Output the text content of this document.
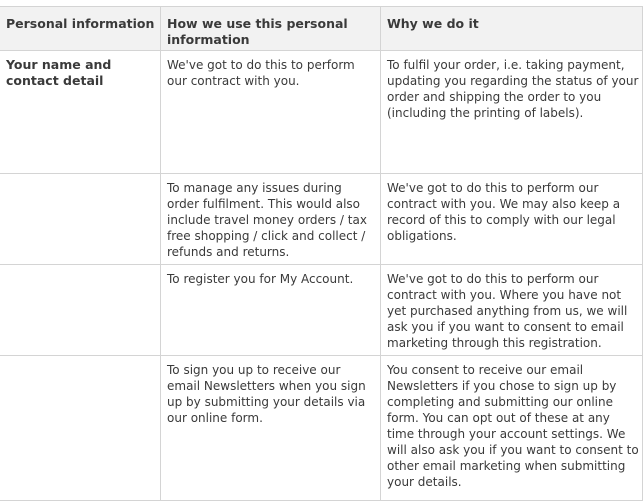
Personal information	How we use this personal information	Why we do it
Your name and contact detail	We've got to do this to perform our contract with you.	To fulfil your order, i.e. taking payment, updating you regarding the status of your order and shipping the order to you (including the printing of labels).
	To manage any issues during order fulfilment. This would also include travel money orders / tax free shopping / click and collect / refunds and returns.	We've got to do this to perform our contract with you. We may also keep a record of this to comply with our legal obligations.
	To register you for My Account.	We've got to do this to perform our contract with you. Where you have not yet purchased anything from us, we will ask you if you want to consent to email marketing through this registration.
	To sign you up to receive our email Newsletters when you sign up by submitting your details via our online form.	You consent to receive our email Newsletters if you chose to sign up by completing and submitting our online form. You can opt out of these at any time through your account settings. We will also ask you if you want to consent to other email marketing when submitting your details.
